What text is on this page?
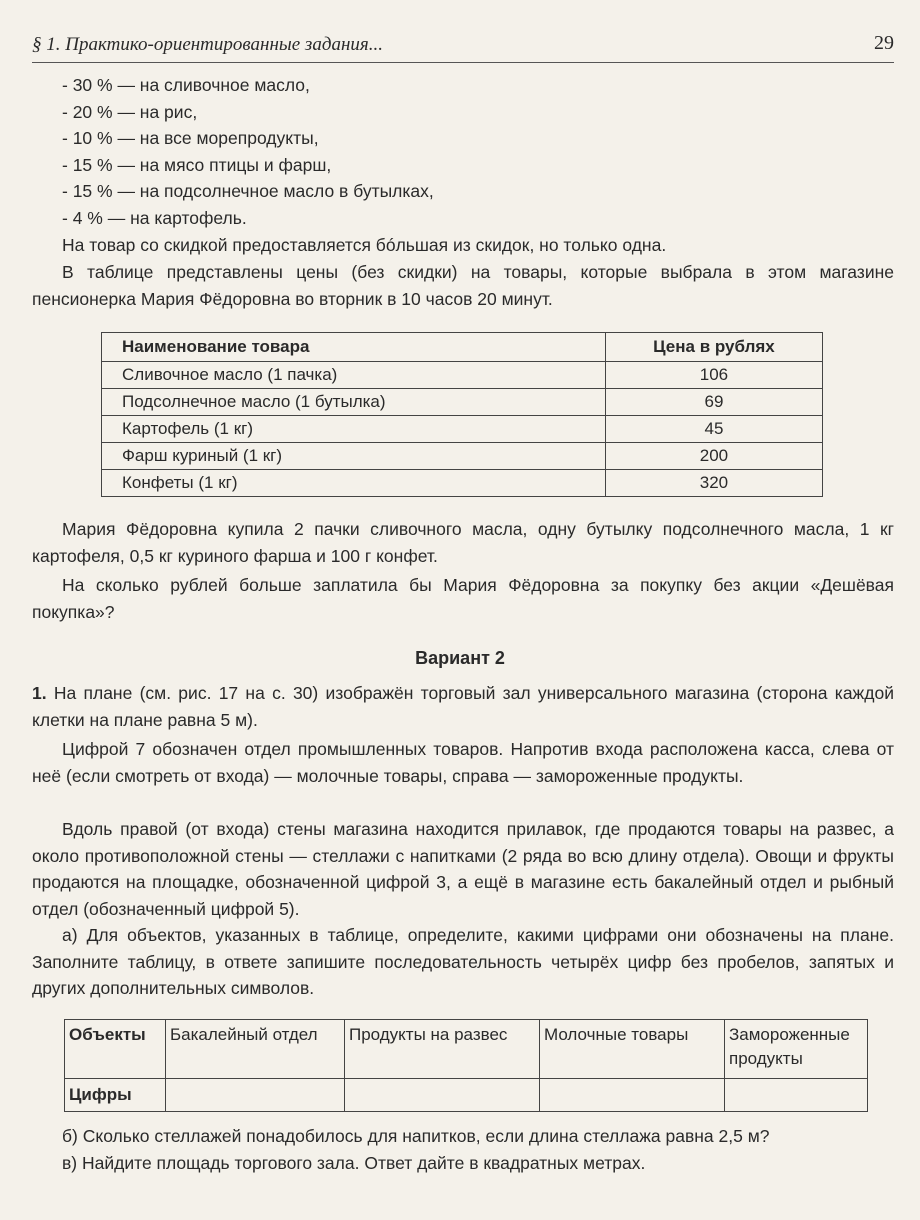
§ 1. Практико-ориентированные задания...	29
- 30 % — на сливочное масло,
- 20 % — на рис,
- 10 % — на все морепродукты,
- 15 % — на мясо птицы и фарш,
- 15 % — на подсолнечное масло в бутылках,
- 4 % — на картофель.
На товар со скидкой предоставляется бóльшая из скидок, но только одна.
В таблице представлены цены (без скидки) на товары, которые выбрала в этом магазине пенсионерка Мария Фёдоровна во вторник в 10 часов 20 минут.
Наименование товара	Цена в рублях
Сливочное масло (1 пачка)	106
Подсолнечное масло (1 бутылка)	69
Картофель (1 кг)	45
Фарш куриный (1 кг)	200
Конфеты (1 кг)	320
Мария Фёдоровна купила 2 пачки сливочного масла, одну бутылку подсолнечного масла, 1 кг картофеля, 0,5 кг куриного фарша и 100 г конфет.
На сколько рублей больше заплатила бы Мария Фёдоровна за покупку без акции «Дешёвая покупка»?
Вариант 2
1. На плане (см. рис. 17 на с. 30) изображён торговый зал универсального магазина (сторона каждой клетки на плане равна 5 м).
Цифрой 7 обозначен отдел промышленных товаров. Напротив входа расположена касса, слева от неё (если смотреть от входа) — молочные товары, справа — замороженные продукты.
Вдоль правой (от входа) стены магазина находится прилавок, где продаются товары на развес, а около противоположной стены — стеллажи с напитками (2 ряда во всю длину отдела). Овощи и фрукты продаются на площадке, обозначенной цифрой 3, а ещё в магазине есть бакалейный отдел и рыбный отдел (обозначенный цифрой 5).
а) Для объектов, указанных в таблице, определите, какими цифрами они обозначены на плане. Заполните таблицу, в ответе запишите последовательность четырёх цифр без пробелов, запятых и других дополнительных символов.
Объекты	Бакалейный отдел	Продукты на развес	Молочные товары	Замороженные продукты
Цифры				
б) Сколько стеллажей понадобилось для напитков, если длина стеллажа равна 2,5 м?
в) Найдите площадь торгового зала. Ответ дайте в квадратных метрах.
